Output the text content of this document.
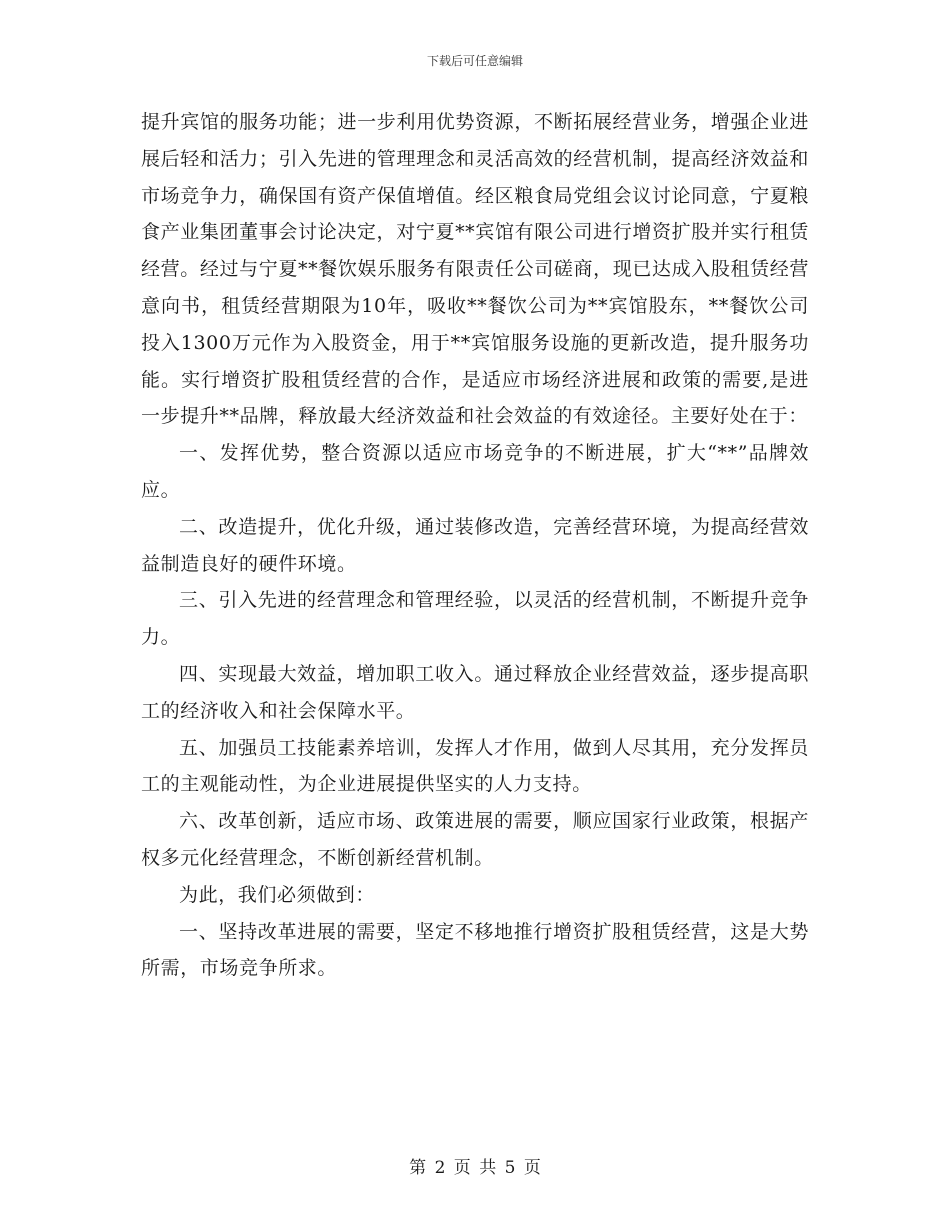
下载后可任意编辑

提升宾馆的服务功能；进一步利用优势资源，不断拓展经营业务，增强企业进展后轻和活力；引入先进的管理理念和灵活高效的经营机制，提高经济效益和市场竞争力，确保国有资产保值增值。经区粮食局党组会议讨论同意，宁夏粮食产业集团董事会讨论决定，对宁夏**宾馆有限公司进行增资扩股并实行租赁经营。经过与宁夏**餐饮娱乐服务有限责任公司磋商，现已达成入股租赁经营意向书，租赁经营期限为10年，吸收**餐饮公司为**宾馆股东，**餐饮公司投入1300万元作为入股资金，用于**宾馆服务设施的更新改造，提升服务功能。实行增资扩股租赁经营的合作，是适应市场经济进展和政策的需要,是进一步提升**品牌，释放最大经济效益和社会效益的有效途径。主要好处在于：

一、发挥优势，整合资源以适应市场竞争的不断进展，扩大“**”品牌效应。

二、改造提升，优化升级，通过装修改造，完善经营环境，为提高经营效益制造良好的硬件环境。

三、引入先进的经营理念和管理经验，以灵活的经营机制，不断提升竞争力。

四、实现最大效益，增加职工收入。通过释放企业经营效益，逐步提高职工的经济收入和社会保障水平。

五、加强员工技能素养培训，发挥人才作用，做到人尽其用，充分发挥员工的主观能动性，为企业进展提供坚实的人力支持。

六、改革创新，适应市场、政策进展的需要，顺应国家行业政策，根据产权多元化经营理念，不断创新经营机制。

为此，我们必须做到：

一、坚持改革进展的需要，坚定不移地推行增资扩股租赁经营，这是大势所需，市场竞争所求。

第 2 页 共 5 页
